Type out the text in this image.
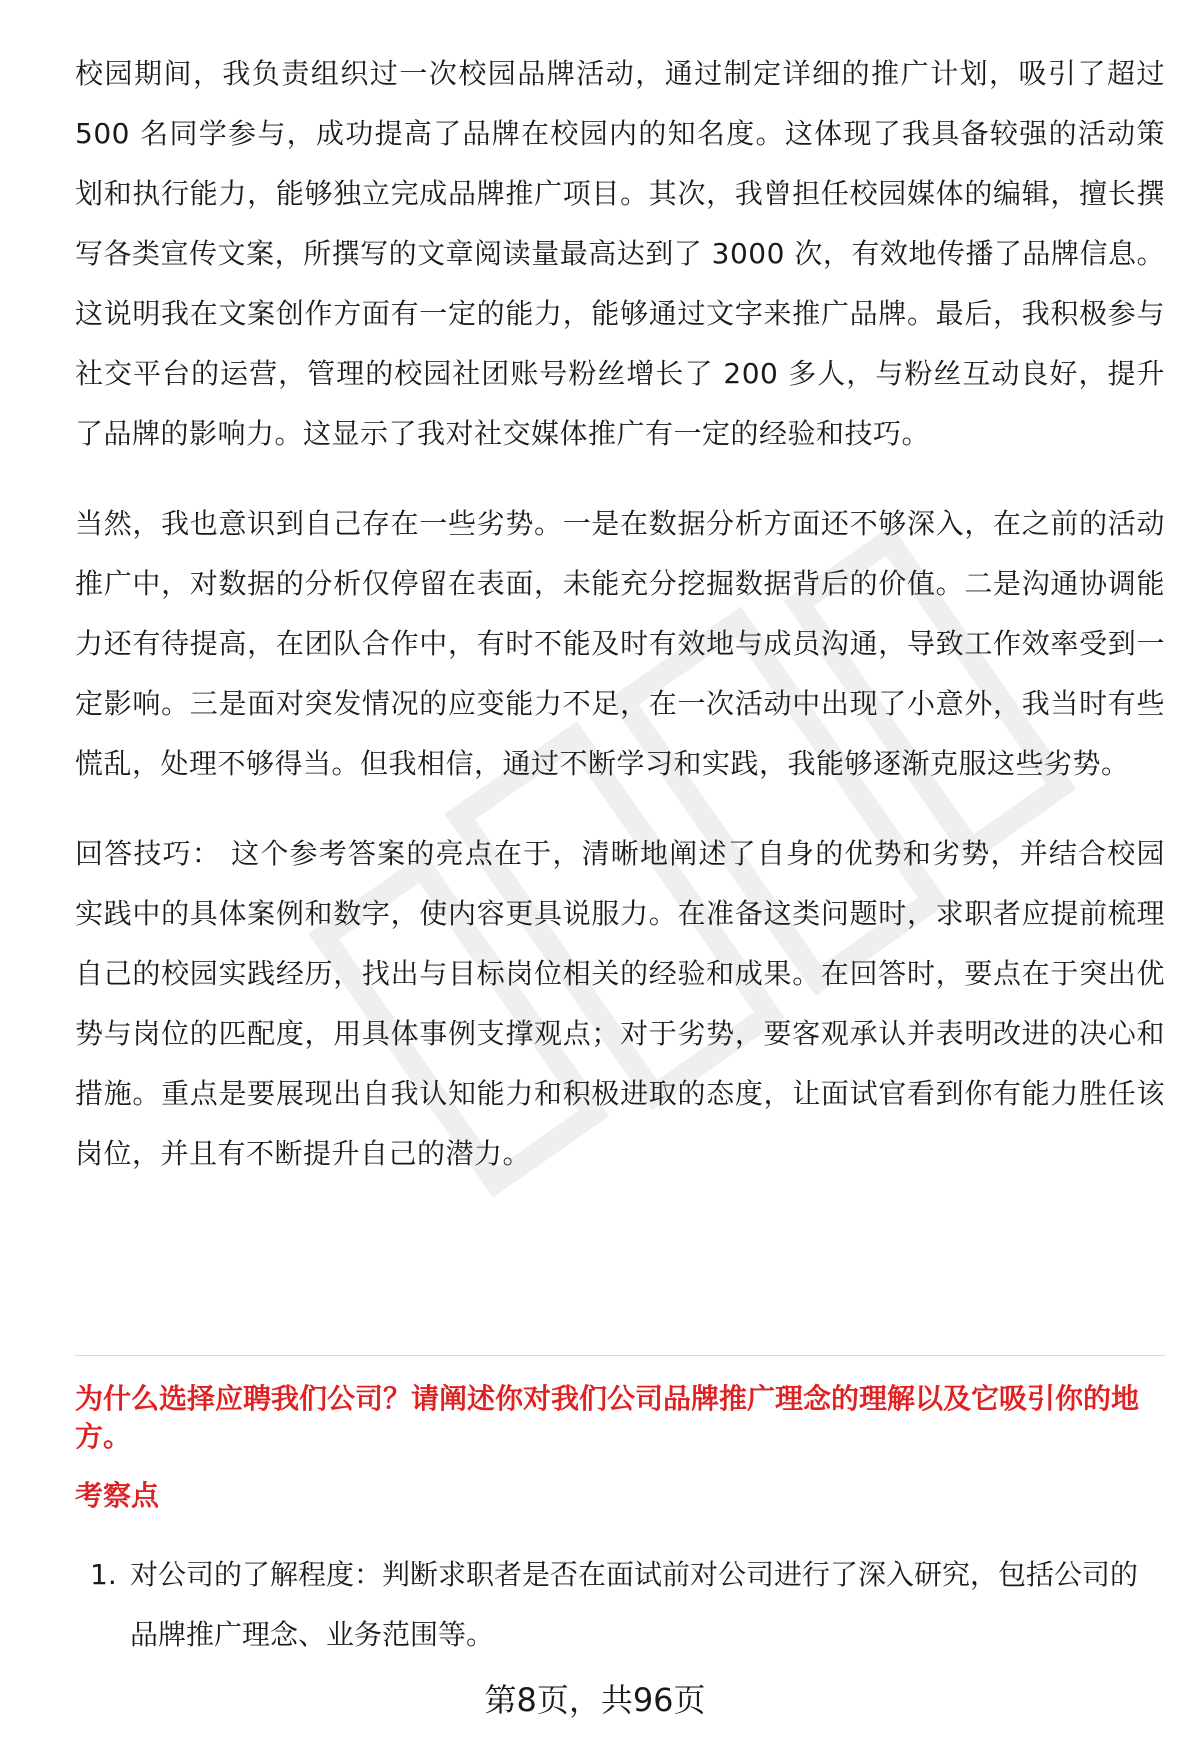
校园期间，我负责组织过一次校园品牌活动，通过制定详细的推广计划，吸引了超过 500 名同学参与，成功提高了品牌在校园内的知名度。这体现了我具备较强的活动策划和执行能力，能够独立完成品牌推广项目。其次，我曾担任校园媒体的编辑，擅长撰写各类宣传文案，所撰写的文章阅读量最高达到了 3000 次，有效地传播了品牌信息。这说明我在文案创作方面有一定的能力，能够通过文字来推广品牌。最后，我积极参与社交平台的运营，管理的校园社团账号粉丝增长了 200 多人，与粉丝互动良好，提升了品牌的影响力。这显示了我对社交媒体推广有一定的经验和技巧。

当然，我也意识到自己存在一些劣势。一是在数据分析方面还不够深入，在之前的活动推广中，对数据的分析仅停留在表面，未能充分挖掘数据背后的价值。二是沟通协调能力还有待提高，在团队合作中，有时不能及时有效地与成员沟通，导致工作效率受到一定影响。三是面对突发情况的应变能力不足，在一次活动中出现了小意外，我当时有些慌乱，处理不够得当。但我相信，通过不断学习和实践，我能够逐渐克服这些劣势。

回答技巧： 这个参考答案的亮点在于，清晰地阐述了自身的优势和劣势，并结合校园实践中的具体案例和数字，使内容更具说服力。在准备这类问题时，求职者应提前梳理自己的校园实践经历，找出与目标岗位相关的经验和成果。在回答时，要点在于突出优势与岗位的匹配度，用具体事例支撑观点；对于劣势，要客观承认并表明改进的决心和措施。重点是要展现出自我认知能力和积极进取的态度，让面试官看到你有能力胜任该岗位，并且有不断提升自己的潜力。

为什么选择应聘我们公司？请阐述你对我们公司品牌推广理念的理解以及它吸引你的地方。

考察点

1. 对公司的了解程度：判断求职者是否在面试前对公司进行了深入研究，包括公司的品牌推广理念、业务范围等。
第8页，共96页
